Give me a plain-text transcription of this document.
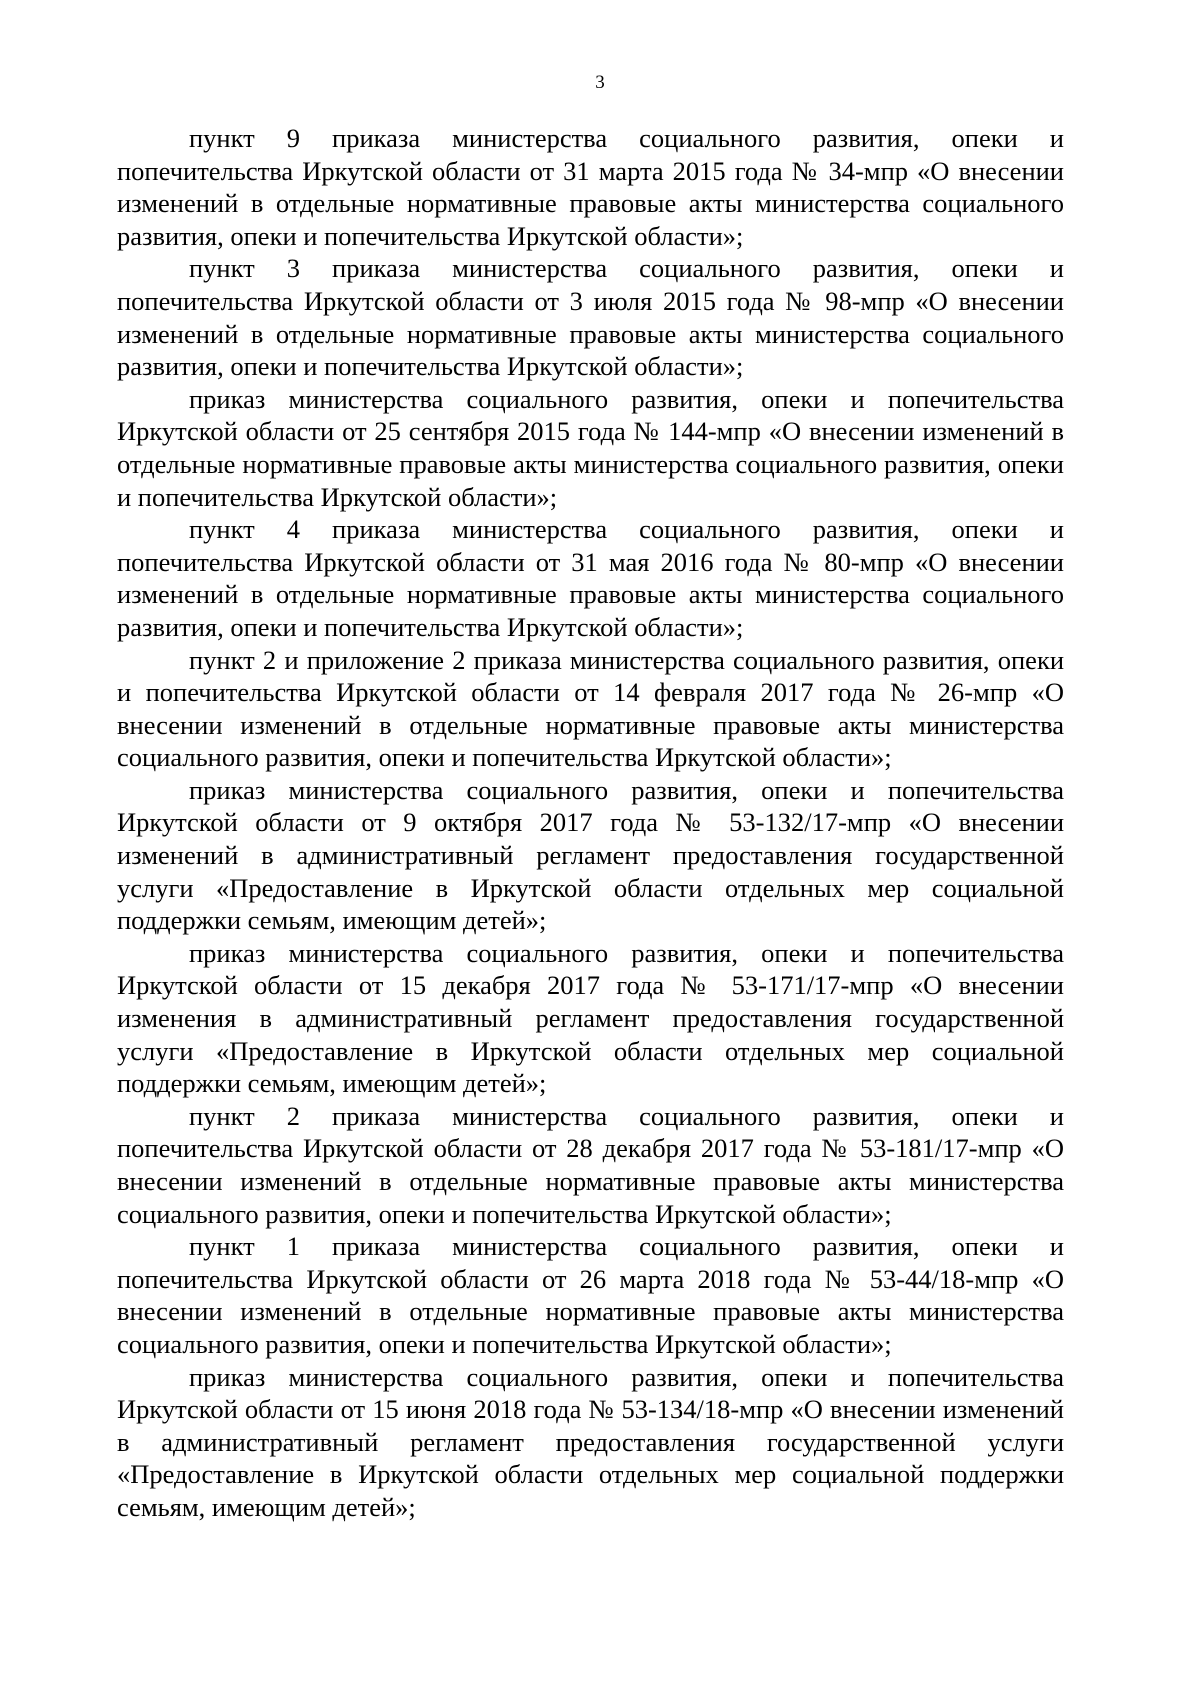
3

пункт 9 приказа министерства социального развития, опеки и попечительства Иркутской области от 31 марта 2015 года № 34-мпр «О внесении изменений в отдельные нормативные правовые акты министерства социального развития, опеки и попечительства Иркутской области»;

пункт 3 приказа министерства социального развития, опеки и попечительства Иркутской области от 3 июля 2015 года № 98-мпр «О внесении изменений в отдельные нормативные правовые акты министерства социального развития, опеки и попечительства Иркутской области»;

приказ министерства социального развития, опеки и попечительства Иркутской области от 25 сентября 2015 года № 144-мпр «О внесении изменений в отдельные нормативные правовые акты министерства социального развития, опеки и попечительства Иркутской области»;

пункт 4 приказа министерства социального развития, опеки и попечительства Иркутской области от 31 мая 2016 года № 80-мпр «О внесении изменений в отдельные нормативные правовые акты министерства социального развития, опеки и попечительства Иркутской области»;

пункт 2 и приложение 2 приказа министерства социального развития, опеки и попечительства Иркутской области от 14 февраля 2017 года № 26-мпр «О внесении изменений в отдельные нормативные правовые акты министерства социального развития, опеки и попечительства Иркутской области»;

приказ министерства социального развития, опеки и попечительства Иркутской области от 9 октября 2017 года № 53-132/17-мпр «О внесении изменений в административный регламент предоставления государственной услуги «Предоставление в Иркутской области отдельных мер социальной поддержки семьям, имеющим детей»;

приказ министерства социального развития, опеки и попечительства Иркутской области от 15 декабря 2017 года № 53-171/17-мпр «О внесении изменения в административный регламент предоставления государственной услуги «Предоставление в Иркутской области отдельных мер социальной поддержки семьям, имеющим детей»;

пункт 2 приказа министерства социального развития, опеки и попечительства Иркутской области от 28 декабря 2017 года № 53-181/17-мпр «О внесении изменений в отдельные нормативные правовые акты министерства социального развития, опеки и попечительства Иркутской области»;

пункт 1 приказа министерства социального развития, опеки и попечительства Иркутской области от 26 марта 2018 года № 53-44/18-мпр «О внесении изменений в отдельные нормативные правовые акты министерства социального развития, опеки и попечительства Иркутской области»;

приказ министерства социального развития, опеки и попечительства Иркутской области от 15 июня 2018 года № 53-134/18-мпр «О внесении изменений в административный регламент предоставления государственной услуги «Предоставление в Иркутской области отдельных мер социальной поддержки семьям, имеющим детей»;
